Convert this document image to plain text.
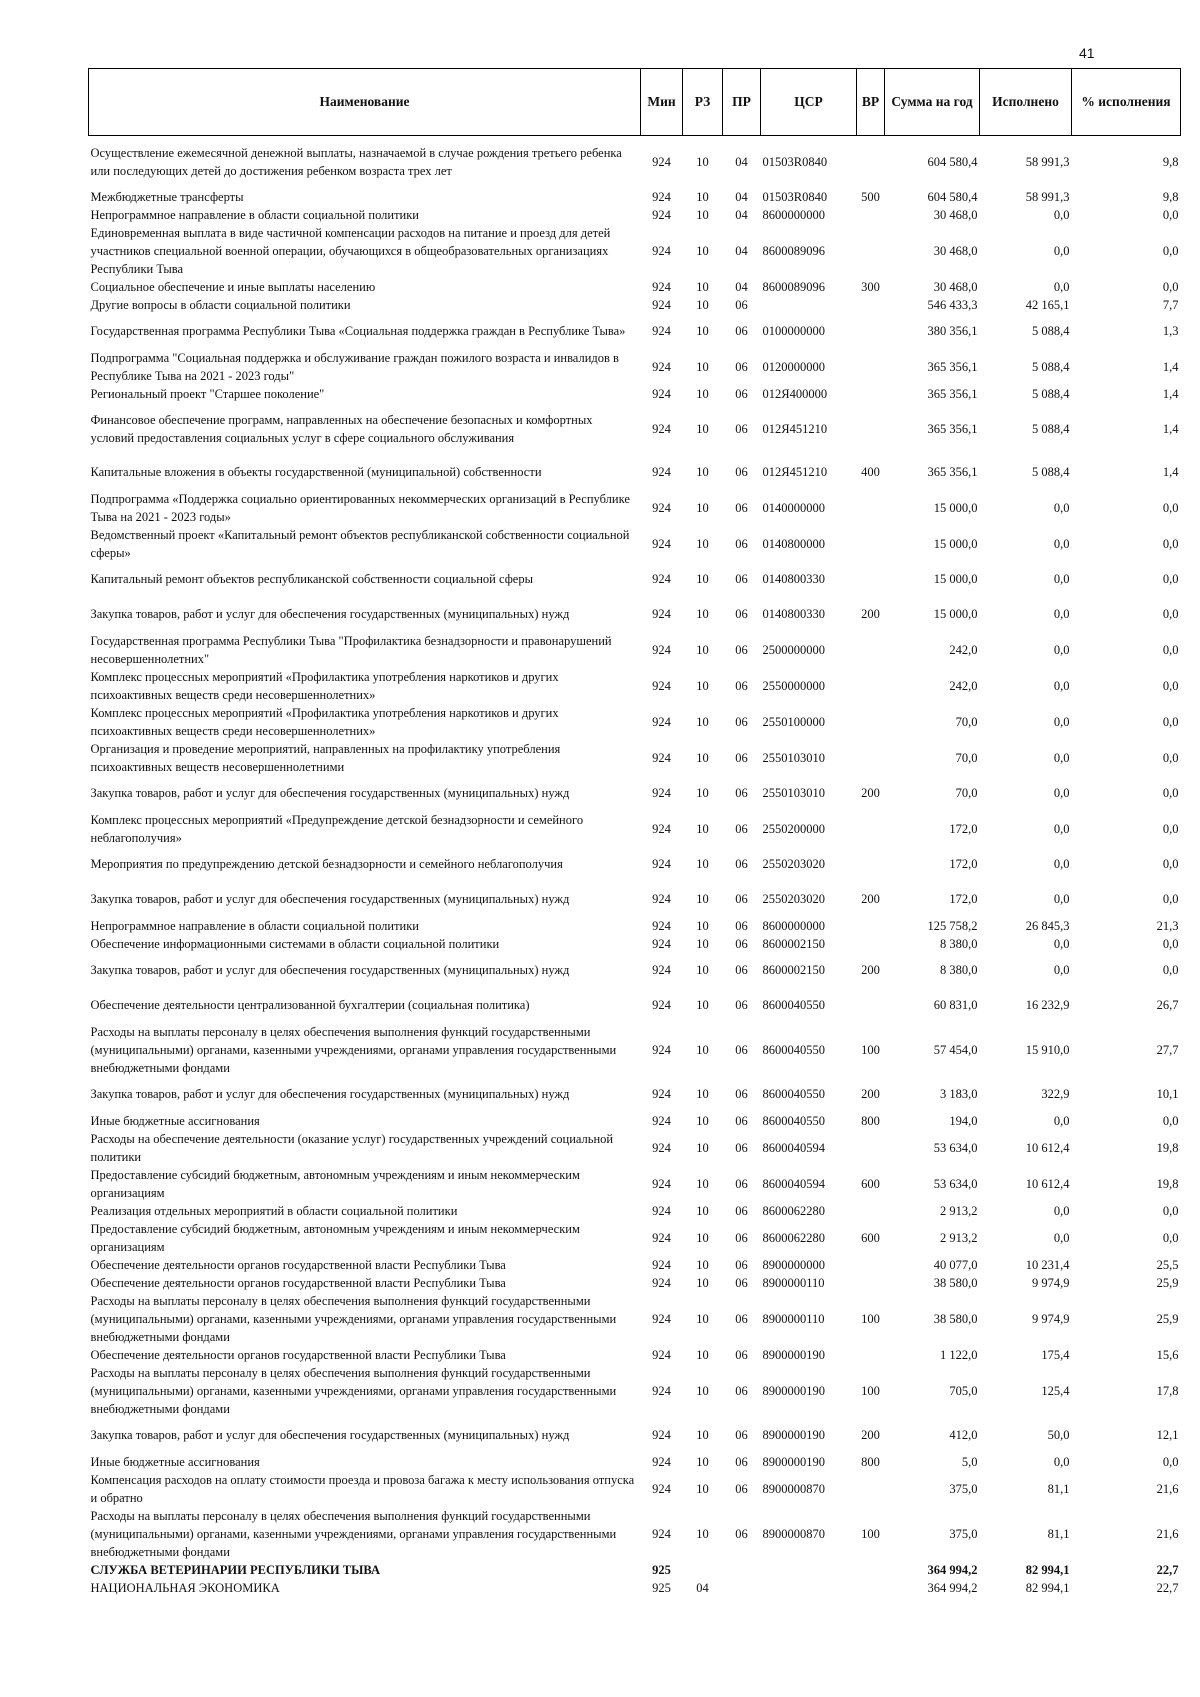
41
Наименование	Мин	РЗ	ПР	ЦСР	ВР	Сумма на год	Исполнено	% исполнения
Осуществление ежемесячной денежной выплаты, назначаемой в случае рождения третьего ребенка или последующих детей до достижения ребенком возраста трех лет	924	10	04	01503R0840		604 580,4	58 991,3	9,8
Межбюджетные трансферты	924	10	04	01503R0840	500	604 580,4	58 991,3	9,8
Непрограммное направление в области социальной политики	924	10	04	8600000000		30 468,0	0,0	0,0
Единовременная выплата в виде частичной компенсации расходов на питание и проезд для детей участников специальной военной операции, обучающихся в общеобразовательных организациях Республики Тыва	924	10	04	8600089096		30 468,0	0,0	0,0
Социальное обеспечение и иные выплаты населению	924	10	04	8600089096	300	30 468,0	0,0	0,0
Другие вопросы в области социальной политики	924	10	06			546 433,3	42 165,1	7,7
Государственная программа Республики Тыва «Социальная поддержка граждан в Республике Тыва»	924	10	06	0100000000		380 356,1	5 088,4	1,3
Подпрограмма "Социальная поддержка и обслуживание граждан пожилого возраста и инвалидов в Республике Тыва на 2021 - 2023 годы"	924	10	06	0120000000		365 356,1	5 088,4	1,4
Региональный проект "Старшее поколение"	924	10	06	012Я400000		365 356,1	5 088,4	1,4
Финансовое обеспечение программ, направленных на обеспечение безопасных и комфортных условий предоставления социальных услуг в сфере социального обслуживания	924	10	06	012Я451210		365 356,1	5 088,4	1,4
Капитальные вложения в объекты государственной (муниципальной) собственности	924	10	06	012Я451210	400	365 356,1	5 088,4	1,4
Подпрограмма «Поддержка социально ориентированных некоммерческих организаций в Республике Тыва на 2021 - 2023 годы»	924	10	06	0140000000		15 000,0	0,0	0,0
Ведомственный проект «Капитальный ремонт объектов республиканской собственности социальной сферы»	924	10	06	0140800000		15 000,0	0,0	0,0
Капитальный ремонт объектов республиканской собственности социальной сферы	924	10	06	0140800330		15 000,0	0,0	0,0
Закупка товаров, работ и услуг для обеспечения государственных (муниципальных) нужд	924	10	06	0140800330	200	15 000,0	0,0	0,0
Государственная программа Республики Тыва "Профилактика безнадзорности и правонарушений несовершеннолетних"	924	10	06	2500000000		242,0	0,0	0,0
Комплекс процессных мероприятий «Профилактика употребления наркотиков и других психоактивных веществ среди несовершеннолетних»	924	10	06	2550000000		242,0	0,0	0,0
Комплекс процессных мероприятий «Профилактика употребления наркотиков и других психоактивных веществ среди несовершеннолетних»	924	10	06	2550100000		70,0	0,0	0,0
Организация и проведение мероприятий, направленных на профилактику употребления психоактивных веществ несовершеннолетними	924	10	06	2550103010		70,0	0,0	0,0
Закупка товаров, работ и услуг для обеспечения государственных (муниципальных) нужд	924	10	06	2550103010	200	70,0	0,0	0,0
Комплекс процессных мероприятий «Предупреждение детской безнадзорности и семейного неблагополучия»	924	10	06	2550200000		172,0	0,0	0,0
Мероприятия по предупреждению детской безнадзорности и семейного неблагополучия	924	10	06	2550203020		172,0	0,0	0,0
Закупка товаров, работ и услуг для обеспечения государственных (муниципальных) нужд	924	10	06	2550203020	200	172,0	0,0	0,0
Непрограммное направление в области социальной политики	924	10	06	8600000000		125 758,2	26 845,3	21,3
Обеспечение информационными системами в области социальной политики	924	10	06	8600002150		8 380,0	0,0	0,0
Закупка товаров, работ и услуг для обеспечения государственных (муниципальных) нужд	924	10	06	8600002150	200	8 380,0	0,0	0,0
Обеспечение деятельности централизованной бухгалтерии (социальная политика)	924	10	06	8600040550		60 831,0	16 232,9	26,7
Расходы на выплаты персоналу в целях обеспечения выполнения функций государственными (муниципальными) органами, казенными учреждениями, органами управления государственными внебюджетными фондами	924	10	06	8600040550	100	57 454,0	15 910,0	27,7
Закупка товаров, работ и услуг для обеспечения государственных (муниципальных) нужд	924	10	06	8600040550	200	3 183,0	322,9	10,1
Иные бюджетные ассигнования	924	10	06	8600040550	800	194,0	0,0	0,0
Расходы на обеспечение деятельности (оказание услуг) государственных учреждений социальной политики	924	10	06	8600040594		53 634,0	10 612,4	19,8
Предоставление субсидий бюджетным, автономным учреждениям и иным некоммерческим организациям	924	10	06	8600040594	600	53 634,0	10 612,4	19,8
Реализация отдельных мероприятий в области социальной политики	924	10	06	8600062280		2 913,2	0,0	0,0
Предоставление субсидий бюджетным, автономным учреждениям и иным некоммерческим организациям	924	10	06	8600062280	600	2 913,2	0,0	0,0
Обеспечение деятельности органов государственной власти Республики Тыва	924	10	06	8900000000		40 077,0	10 231,4	25,5
Обеспечение деятельности органов государственной власти Республики Тыва	924	10	06	8900000110		38 580,0	9 974,9	25,9
Расходы на выплаты персоналу в целях обеспечения выполнения функций государственными (муниципальными) органами, казенными учреждениями, органами управления государственными внебюджетными фондами	924	10	06	8900000110	100	38 580,0	9 974,9	25,9
Обеспечение деятельности органов государственной власти Республики Тыва	924	10	06	8900000190		1 122,0	175,4	15,6
Расходы на выплаты персоналу в целях обеспечения выполнения функций государственными (муниципальными) органами, казенными учреждениями, органами управления государственными внебюджетными фондами	924	10	06	8900000190	100	705,0	125,4	17,8
Закупка товаров, работ и услуг для обеспечения государственных (муниципальных) нужд	924	10	06	8900000190	200	412,0	50,0	12,1
Иные бюджетные ассигнования	924	10	06	8900000190	800	5,0	0,0	0,0
Компенсация расходов на оплату стоимости проезда и провоза багажа к месту использования отпуска и обратно	924	10	06	8900000870		375,0	81,1	21,6
Расходы на выплаты персоналу в целях обеспечения выполнения функций государственными (муниципальными) органами, казенными учреждениями, органами управления государственными внебюджетными фондами	924	10	06	8900000870	100	375,0	81,1	21,6
СЛУЖБА ВЕТЕРИНАРИИ РЕСПУБЛИКИ ТЫВА	925					364 994,2	82 994,1	22,7
НАЦИОНАЛЬНАЯ ЭКОНОМИКА	925	04				364 994,2	82 994,1	22,7
